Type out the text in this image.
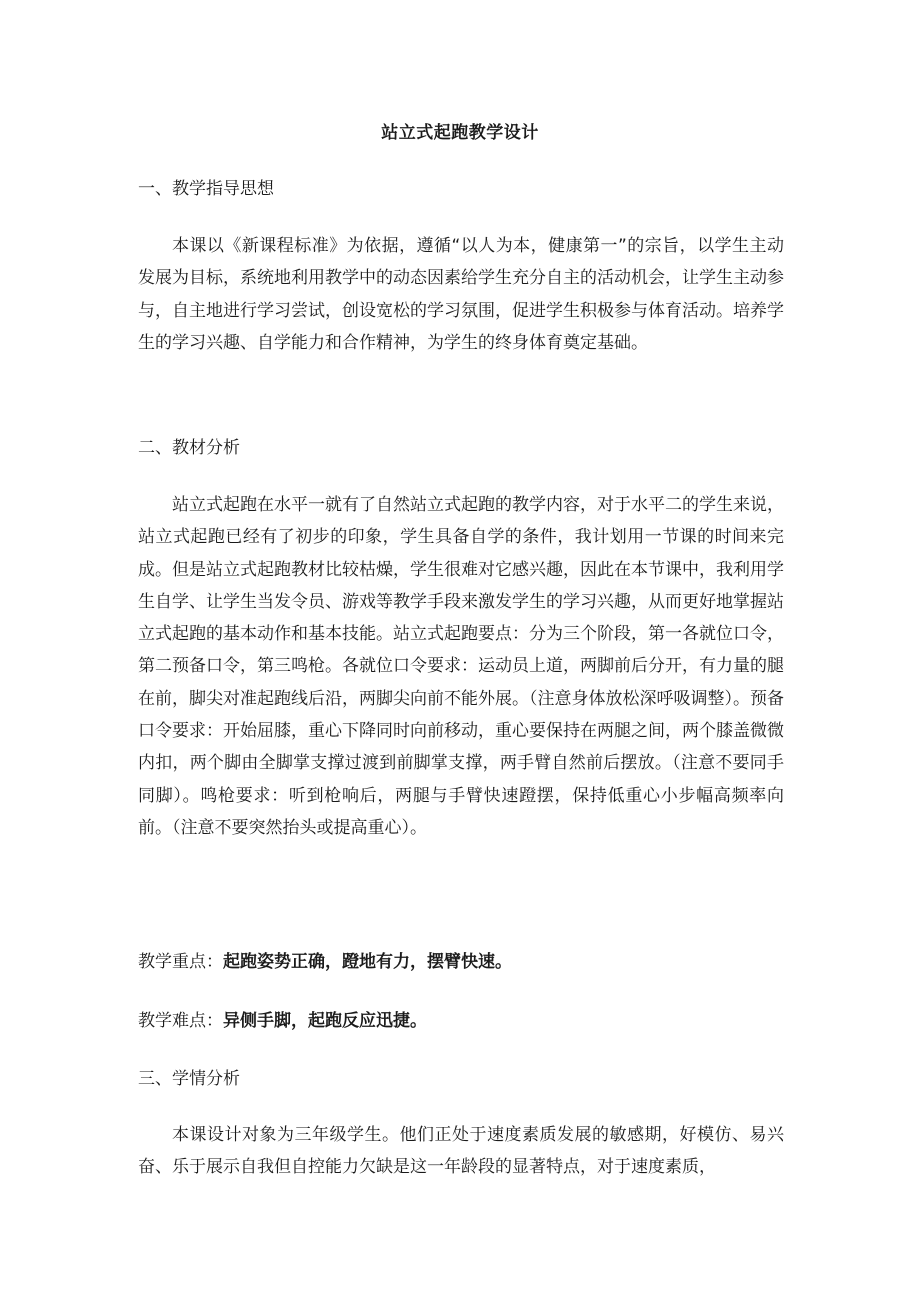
站立式起跑教学设计
一、教学指导思想

本课以《新课程标准》为依据，遵循“以人为本，健康第一”的宗旨，以学生主动发展为目标，系统地利用教学中的动态因素给学生充分自主的活动机会，让学生主动参与，自主地进行学习尝试，创设宽松的学习氛围，促进学生积极参与体育活动。培养学生的学习兴趣、自学能力和合作精神，为学生的终身体育奠定基础。

二、教材分析

站立式起跑在水平一就有了自然站立式起跑的教学内容，对于水平二的学生来说，站立式起跑已经有了初步的印象，学生具备自学的条件，我计划用一节课的时间来完成。但是站立式起跑教材比较枯燥，学生很难对它感兴趣，因此在本节课中，我利用学生自学、让学生当发令员、游戏等教学手段来激发学生的学习兴趣，从而更好地掌握站立式起跑的基本动作和基本技能。站立式起跑要点：分为三个阶段，第一各就位口令，第二预备口令，第三鸣枪。各就位口令要求：运动员上道，两脚前后分开，有力量的腿在前，脚尖对准起跑线后沿，两脚尖向前不能外展。（注意身体放松深呼吸调整）。预备口令要求：开始屈膝，重心下降同时向前移动，重心要保持在两腿之间，两个膝盖微微内扣，两个脚由全脚掌支撑过渡到前脚掌支撑，两手臂自然前后摆放。（注意不要同手同脚）。鸣枪要求：听到枪响后，两腿与手臂快速蹬摆，保持低重心小步幅高频率向前。（注意不要突然抬头或提高重心）。

教学重点：起跑姿势正确，蹬地有力，摆臂快速。
教学难点：异侧手脚，起跑反应迅捷。
三、学情分析

本课设计对象为三年级学生。他们正处于速度素质发展的敏感期，好模仿、易兴奋、乐于展示自我但自控能力欠缺是这一年龄段的显著特点，对于速度素质，
